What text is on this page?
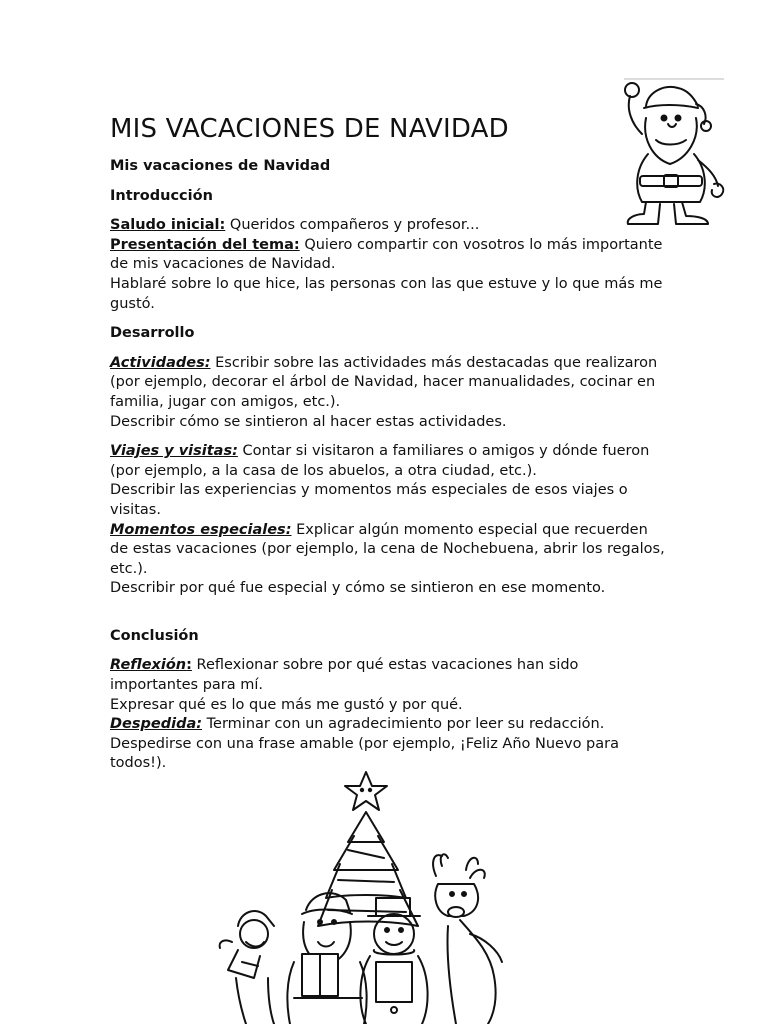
MIS VACACIONES DE NAVIDAD

Mis vacaciones de Navidad

Introducción

Saludo inicial: Queridos compañeros y profesor...

Presentación del tema: Quiero compartir con vosotros lo más importante de mis vacaciones de Navidad.

Hablaré sobre lo que hice, las personas con las que estuve y lo que más me gustó.

Desarrollo

Actividades: Escribir sobre las actividades más destacadas que realizaron (por ejemplo, decorar el árbol de Navidad, hacer manualidades, cocinar en familia, jugar con amigos, etc.).

Describir cómo se sintieron al hacer estas actividades.

Viajes y visitas: Contar si visitaron a familiares o amigos y dónde fueron (por ejemplo, a la casa de los abuelos, a otra ciudad, etc.).

Describir las experiencias y momentos más especiales de esos viajes o visitas.

Momentos especiales: Explicar algún momento especial que recuerden de estas vacaciones (por ejemplo, la cena de Nochebuena, abrir los regalos, etc.).

Describir por qué fue especial y cómo se sintieron en ese momento.

Conclusión

Reflexión: Reflexionar sobre por qué estas vacaciones han sido importantes para mí.

Expresar qué es lo que más me gustó y por qué.

Despedida: Terminar con un agradecimiento por leer su redacción.

Despedirse con una frase amable (por ejemplo, ¡Feliz Año Nuevo para todos!).
